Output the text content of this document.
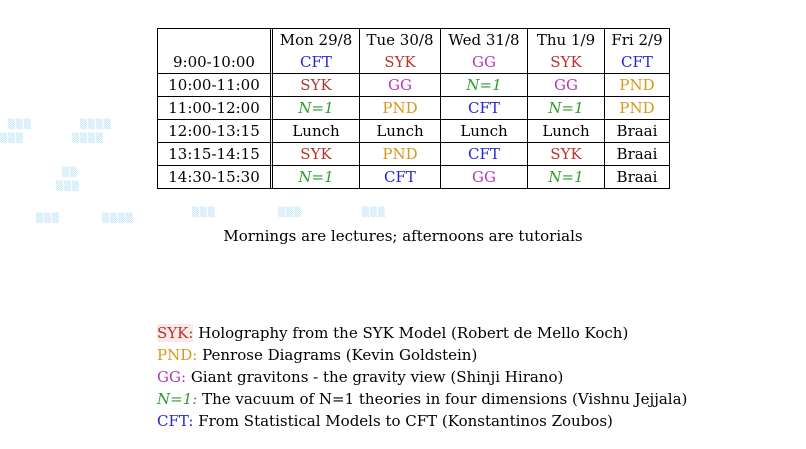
	Mon 29/8	Tue 30/8	Wed 31/8	Thu 1/9	Fri 2/9
9:00-10:00	CFT	SYK	GG	SYK	CFT
10:00-11:00	SYK	GG	N=1	GG	PND
11:00-12:00	N=1	PND	CFT	N=1	PND
12:00-13:15	Lunch	Lunch	Lunch	Lunch	Braai
13:15-14:15	SYK	PND	CFT	SYK	Braai
14:30-15:30	N=1	CFT	GG	N=1	Braai
Mornings are lectures; afternoons are tutorials
SYK: Holography from the SYK Model (Robert de Mello Koch)
PND: Penrose Diagrams (Kevin Goldstein)
GG: Giant gravitons - the gravity view (Shinji Hirano)
N=1: The vacuum of N=1 theories in four dimensions (Vishnu Jejjala)
CFT: From Statistical Models to CFT (Konstantinos Zoubos)
▒▒▒	▒▒▒▒
▒▒▒	▒▒▒▒
▒▒
▒▒▒
▒▒▒	▒▒▒▒
▒▒▒	▒▒▒	▒▒▒
